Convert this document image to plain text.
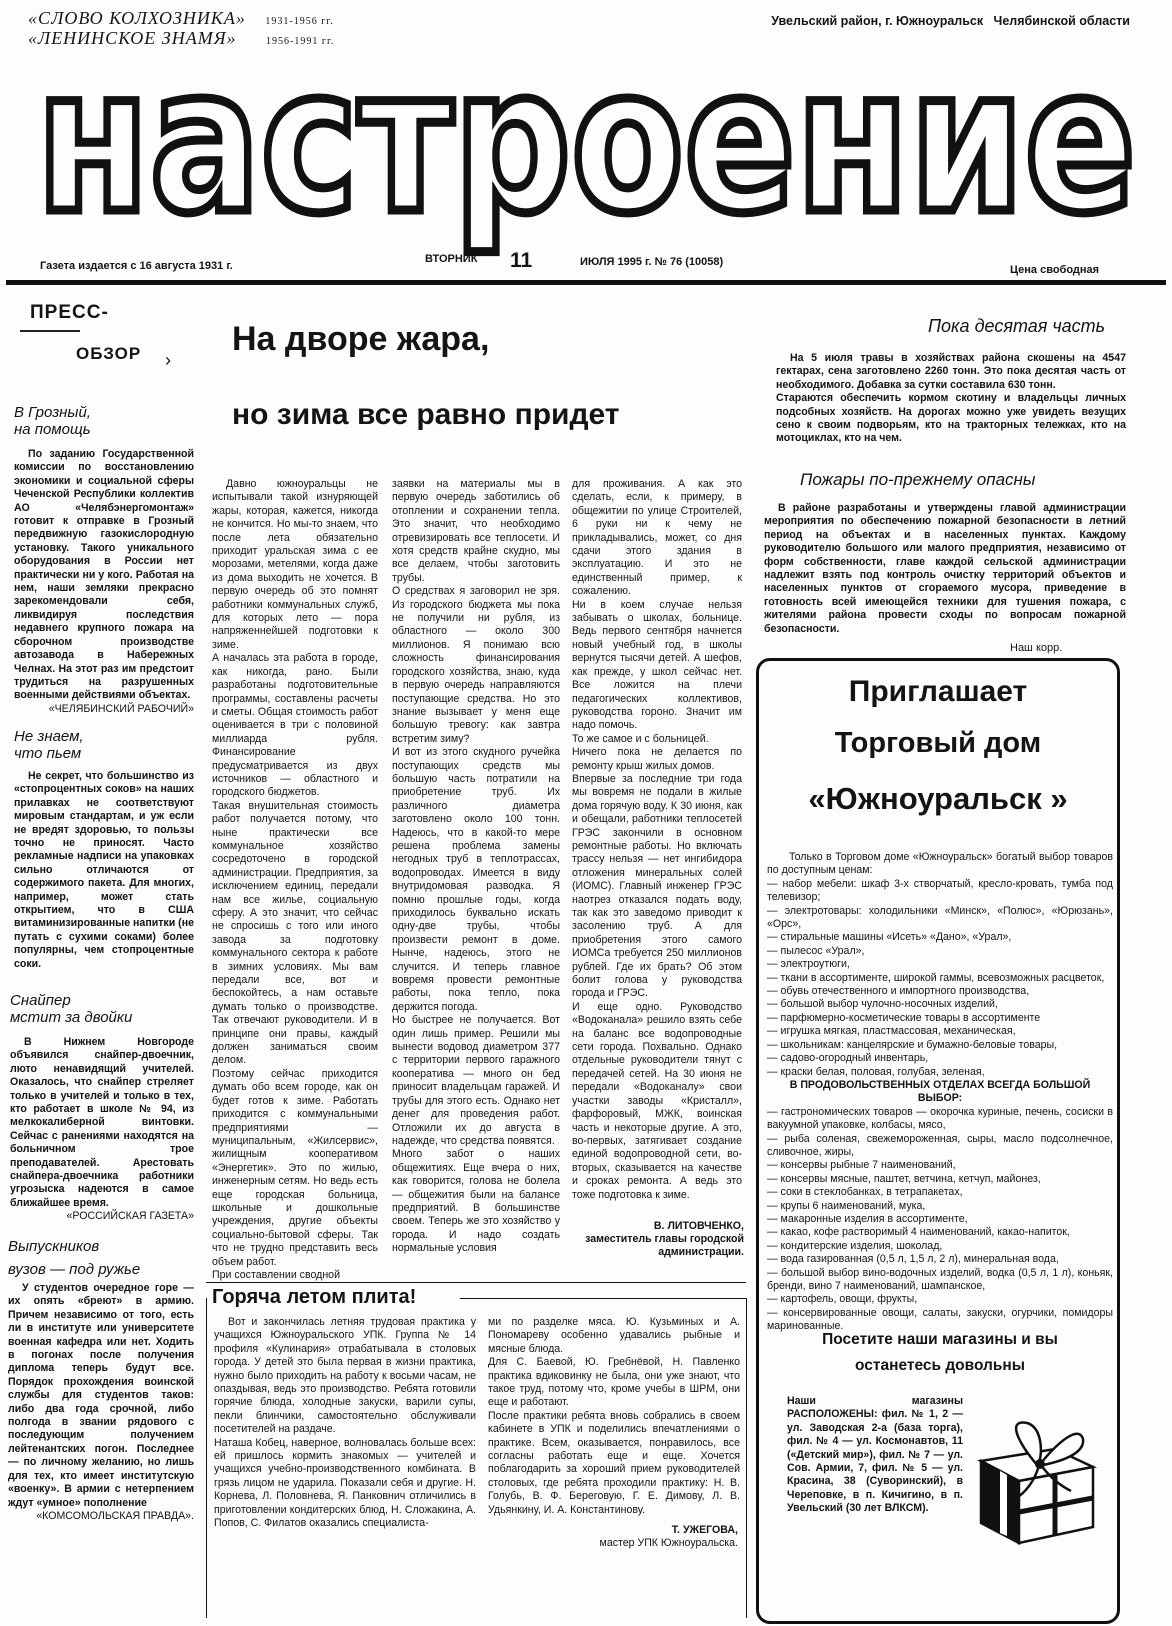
«СЛОВО КОЛХОЗНИКА» 1931-1956 гг.
«ЛЕНИНСКОЕ ЗНАМЯ»	1956-1991 гг.
Увельский район, г. Южноуральск   Челябинской области
настроение
Газета издается с 16 августа 1931 г.
ВТОРНИК 11	ИЮЛЯ 1995 г. № 76 (10058)
Цена свободная
ПРЕСС-
ОБЗОР ›
В Грозный,
на помощь
По заданию Государственной комиссии по восстановлению экономики и социальной сферы Чеченской Республики коллектив АО «Челябэнергомонтаж» готовит к отправке в Грозный передвижную газокислородную установку. Такого уникального оборудования в России нет практически ни у кого. Работая на нем, наши земляки прекрасно зарекомендовали себя, ликвидируя последствия недавнего крупного пожара на сборочном производстве автозавода в Набережных Челнах. На этот раз им предстоит трудиться на разрушенных военными действиями объектах.
«ЧЕЛЯБИНСКИЙ РАБОЧИЙ»
Не знаем,
что пьем
Не секрет, что большинство из «стопроцентных соков» на наших прилавках не соответствуют мировым стандартам, и уж если не вредят здоровью, то пользы точно не приносят. Часто рекламные надписи на упаковках сильно отличаются от содержимого пакета. Для многих, например, может стать открытием, что в США витаминизированные напитки (не путать с сухими соками) более популярны, чем стопроцентные соки.
Снайпер
мстит за двойки
В Нижнем Новгороде объявился снайпер-двоечник, люто ненавидящий учителей. Оказалось, что снайпер стреляет только в учителей и только в тех, кто работает в школе № 94, из мелкокалиберной винтовки. Сейчас с ранениями находятся на больничном трое преподавателей. Арестовать снайпера-двоечника работники угрозыска надеются в самое ближайшее время.
«РОССИЙСКАЯ ГАЗЕТА»
Выпускников
вузов — под ружье
У студентов очередное горе — их опять «бреют» в армию. Причем независимо от того, есть ли в институте или университете военная кафедра или нет. Ходить в погонах после получения диплома теперь будут все. Порядок прохождения воинской службы для студентов таков: либо два года срочной, либо полгода в звании рядового с последующим получением лейтенантских погон. Последнее — по личному желанию, но лишь для тех, кто имеет институтскую «военку». В армии с нетерпением ждут «умное» пополнение
«КОМСОМОЛЬСКАЯ ПРАВДА».
На дворе жара,
но зима все равно придет
Давно южноуральцы не испытывали такой изнуряющей жары, которая, кажется, никогда не кончится. Но мы-то знаем, что после лета обязательно приходит уральская зима с ее морозами, метелями, когда даже из дома выходить не хочется. В первую очередь об это помнят работники коммунальных служб, для которых лето — пора напряженнейшей подготовки к зиме.
А началась эта работа в городе, как никогда, рано. Были разработаны подготовительные программы, составлены расчеты и сметы. Общая стоимость работ оценивается в три с половиной миллиарда рубля. Финансирование предусматривается из двух источников — областного и городского бюджетов.
Такая внушительная стоимость работ получается потому, что ныне практически все коммунальное хозяйство сосредоточено в городской администрации. Предприятия, за исключением единиц, передали нам все жилье, социальную сферу. А это значит, что сейчас не спросишь с того или иного завода за подготовку коммунального сектора к работе в зимних условиях. Мы вам передали все, вот и беспокойтесь, а нам оставьте думать только о производстве. Так отвечают руководители. И в принципе они правы, каждый должен заниматься своим делом.
Поэтому сейчас приходится думать обо всем городе, как он будет готов к зиме. Работать приходится с коммунальными предприятиями — муниципальным, «Жилсервис», жилищным кооперативом «Энергетик». Это по жилью, инженерным сетям. Но ведь есть еще городская больница, школьные и дошкольные учреждения, другие объекты социально-бытовой сферы. Так что не трудно представить весь объем работ.
При составлении сводной
заявки на материалы мы в первую очередь заботились об отоплении и сохранении тепла. Это значит, что необходимо отревизировать все теплосети. И хотя средств крайне скудно, мы все делаем, чтобы заготовить трубы.
О средствах я заговорил не зря. Из городского бюджета мы пока не получили ни рубля, из областного — около 300 миллионов. Я понимаю всю сложность финансирования городского хозяйства, знаю, куда в первую очередь направляются поступающие средства. Но это знание вызывает у меня еще большую тревогу: как завтра встретим зиму?
И вот из этого скудного ручейка поступающих средств мы большую часть потратили на приобретение труб. Их различного диаметра заготовлено около 100 тонн. Надеюсь, что в какой-то мере решена проблема замены негодных труб в теплотрассах, водопроводах. Имеется в виду внутридомовая разводка. Я помню прошлые годы, когда приходилось буквально искать одну-две трубы, чтобы произвести ремонт в доме. Нынче, надеюсь, этого не случится. И теперь главное вовремя провести ремонтные работы, пока тепло, пока держится погода.
Но быстрее не получается. Вот один лишь пример. Решили мы вынести водовод диаметром 377 с территории первого гаражного кооператива — много он бед приносит владельцам гаражей. И трубы для этого есть. Однако нет денег для проведения работ. Отложили их до августа в надежде, что средства появятся.
Много забот о наших общежитиях. Еще вчера о них, как говорится, голова не болела — общежития были на балансе предприятий. В большинстве своем. Теперь же это хозяйство у города. И надо создать нормальные условия
для проживания. А как это сделать, если, к примеру, в общежитии по улице Строителей, 6 руки ни к чему не прикладывались, может, со дня сдачи этого здания в эксплуатацию. И это не единственный пример, к сожалению.
Ни в коем случае нельзя забывать о школах, больнице. Ведь первого сентября начнется новый учебный год, в школы вернутся тысячи детей. А шефов, как прежде, у школ сейчас нет. Все ложится на плечи педагогических коллективов, руководства гороно. Значит им надо помочь.
То же самое и с больницей.
Ничего пока не делается по ремонту крыш жилых домов.
Впервые за последние три года мы вовремя не подали в жилые дома горячую воду. К 30 июня, как и обещали, работники теплосетей ГРЭС закончили в основном ремонтные работы. Но включать трассу нельзя — нет ингибидора отложения минеральных солей (ИОМС). Главный инженер ГРЭС наотрез отказался подать воду, так как это заведомо приводит к засолению труб. А для приобретения этого самого ИОМСа требуется 250 миллионов рублей. Где их брать? Об этом болит голова у руководства города и ГРЭС.
И еще одно. Руководство «Водоканала» решило взять себе на баланс все водопроводные сети города. Похвально. Однако отдельные руководители тянут с передачей сетей. На 30 июня не передали «Водоканалу» свои участки заводы «Кристалл», фарфоровый, МЖК, воинская часть и некоторые другие. А это, во-первых, затягивает создание единой водопроводной сети, во-вторых, сказывается на качестве и сроках ремонта. А ведь это тоже подготовка к зиме.
В. ЛИТОВЧЕНКО,
заместитель главы городской администрации.
Пока десятая часть
На 5 июля травы в хозяйствах района скошены на 4547 гектарах, сена заготовлено 2260 тонн. Это пока десятая часть от необходимого. Добавка за сутки составила 630 тонн.
Стараются обеспечить кормом скотину и владельцы личных подсобных хозяйств. На дорогах можно уже увидеть везущих сено к своим подворьям, кто на тракторных тележках, кто на мотоциклах, кто на чем.
Пожары по-прежнему опасны
В районе разработаны и утверждены главой администрации мероприятия по обеспечению пожарной безопасности в летний период на объектах и в населенных пунктах. Каждому руководителю большого или малого предприятия, независимо от форм собственности, главе каждой сельской администрации надлежит взять под контроль очистку территорий объектов и населенных пунктов от сгораемого мусора, приведение в готовность всей имеющейся техники для тушения пожара, с жителями района провести сходы по вопросам пожарной безопасности.
Наш корр.
Приглашает
Торговый дом
«Южноуральск »
Только в Торговом доме «Южноуральск» богатый выбор товаров по доступным ценам:
— набор мебели: шкаф 3-х створчатый, кресло-кровать, тумба под телевизор;
— электротовары: холодильники «Минск», «Полюс», «Юрюзань», «Орс»,
— стиральные машины «Исеть» «Дано», «Урал»,
— пылесос «Урал»,
— электроутюги,
— ткани в ассортименте, широкой гаммы, всевозможных расцветок,
— обувь отечественного и импортного производства,
— большой выбор чулочно-носочных изделий,
— парфюмерно-косметические товары в ассортименте
— игрушка мягкая, пластмассовая, механическая,
— школьникам: канцелярские и бумажно-беловые товары,
— садово-огородный инвентарь,
— краски белая, половая, голубая, зеленая,
В ПРОДОВОЛЬСТВЕННЫХ ОТДЕЛАХ ВСЕГДА БОЛЬШОЙ ВЫБОР:
— гастрономических товаров — окорочка куриные, печень, сосиски в вакуумной упаковке, колбасы, мясо,
— рыба соленая, свежемороженная, сыры, масло подсолнечное, сливочное, жиры,
— консервы рыбные 7 наименований,
— консервы мясные, паштет, ветчина, кетчуп, майонез,
— соки в стеклобанках, в тетрапакетах,
— крупы 6 наименований, мука,
— макаронные изделия в ассортименте,
— какао, кофе растворимый 4 наименований, какао-напиток,
— кондитерские изделия, шоколад,
— вода газированная (0,5 л, 1,5 л, 2 л), минеральная вода,
— большой выбор вино-водочных изделий, водка (0,5 л, 1 л), коньяк, бренди, вино 7 наименований, шампанское,
— картофель, овощи, фрукты,
— консервированные овощи, салаты, закуски, огурчики, помидоры маринованные.
Посетите наши магазины и вы
останетесь довольны
Наши магазины РАСПОЛОЖЕНЫ: фил. № 1, 2 — ул. Заводская 2-а (база торга), фил. № 4 — ул. Космонавтов, 11 («Детский мир»), фил. № 7 — ул. Сов. Армии, 7, фил. № 5 — ул. Красина, 38 (Суворинский), в Череповке, в п. Кичигино, в п. Увельский (30 лет ВЛКСМ).
Горяча летом плита!
Вот и закончилась летняя трудовая практика у учащихся Южноуральского УПК. Группа № 14 профиля «Кулинария» отрабатывала в столовых города. У детей это была первая в жизни практика, нужно было приходить на работу к восьми часам, не опаздывая, ведь это производство. Ребята готовили горячие блюда, холодные закуски, варили супы, пекли блинчики, самостоятельно обслуживали посетителей на раздаче.
Наташа Кобец, наверное, волновалась больше всех: ей пришлось кормить знакомых — учителей и учащихся учебно-производственного комбината. В грязь лицом не ударила. Показали себя и другие. Н. Корнева, Л. Половнева, Я. Панковнич отличились в приготовлении кондитерских блюд, Н. Сложакина, А. Попов, С. Филатов оказались специалиста-
ми по разделке мяса. Ю. Кузьминых и А. Пономареву особенно удавались рыбные и мясные блюда.
Для С. Баевой, Ю. Гребнёвой, Н. Павленко практика вдиковинку не была, они уже знают, что такое труд, потому что, кроме учебы в ШРМ, они еще и работают.
После практики ребята вновь собрались в своем кабинете в УПК и поделились впечатлениями о практике. Всем, оказывается, понравилось, все согласны работать еще и еще. Хочется поблагодарить за хороший прием руководителей столовых, где ребята проходили практику: Н. В. Голубь, В. Ф. Береговую, Г. Е. Димову, Л. В. Удьянкину, И. А. Константинову.
Т. УЖЕГОВА,
мастер УПК Южноуральска.
